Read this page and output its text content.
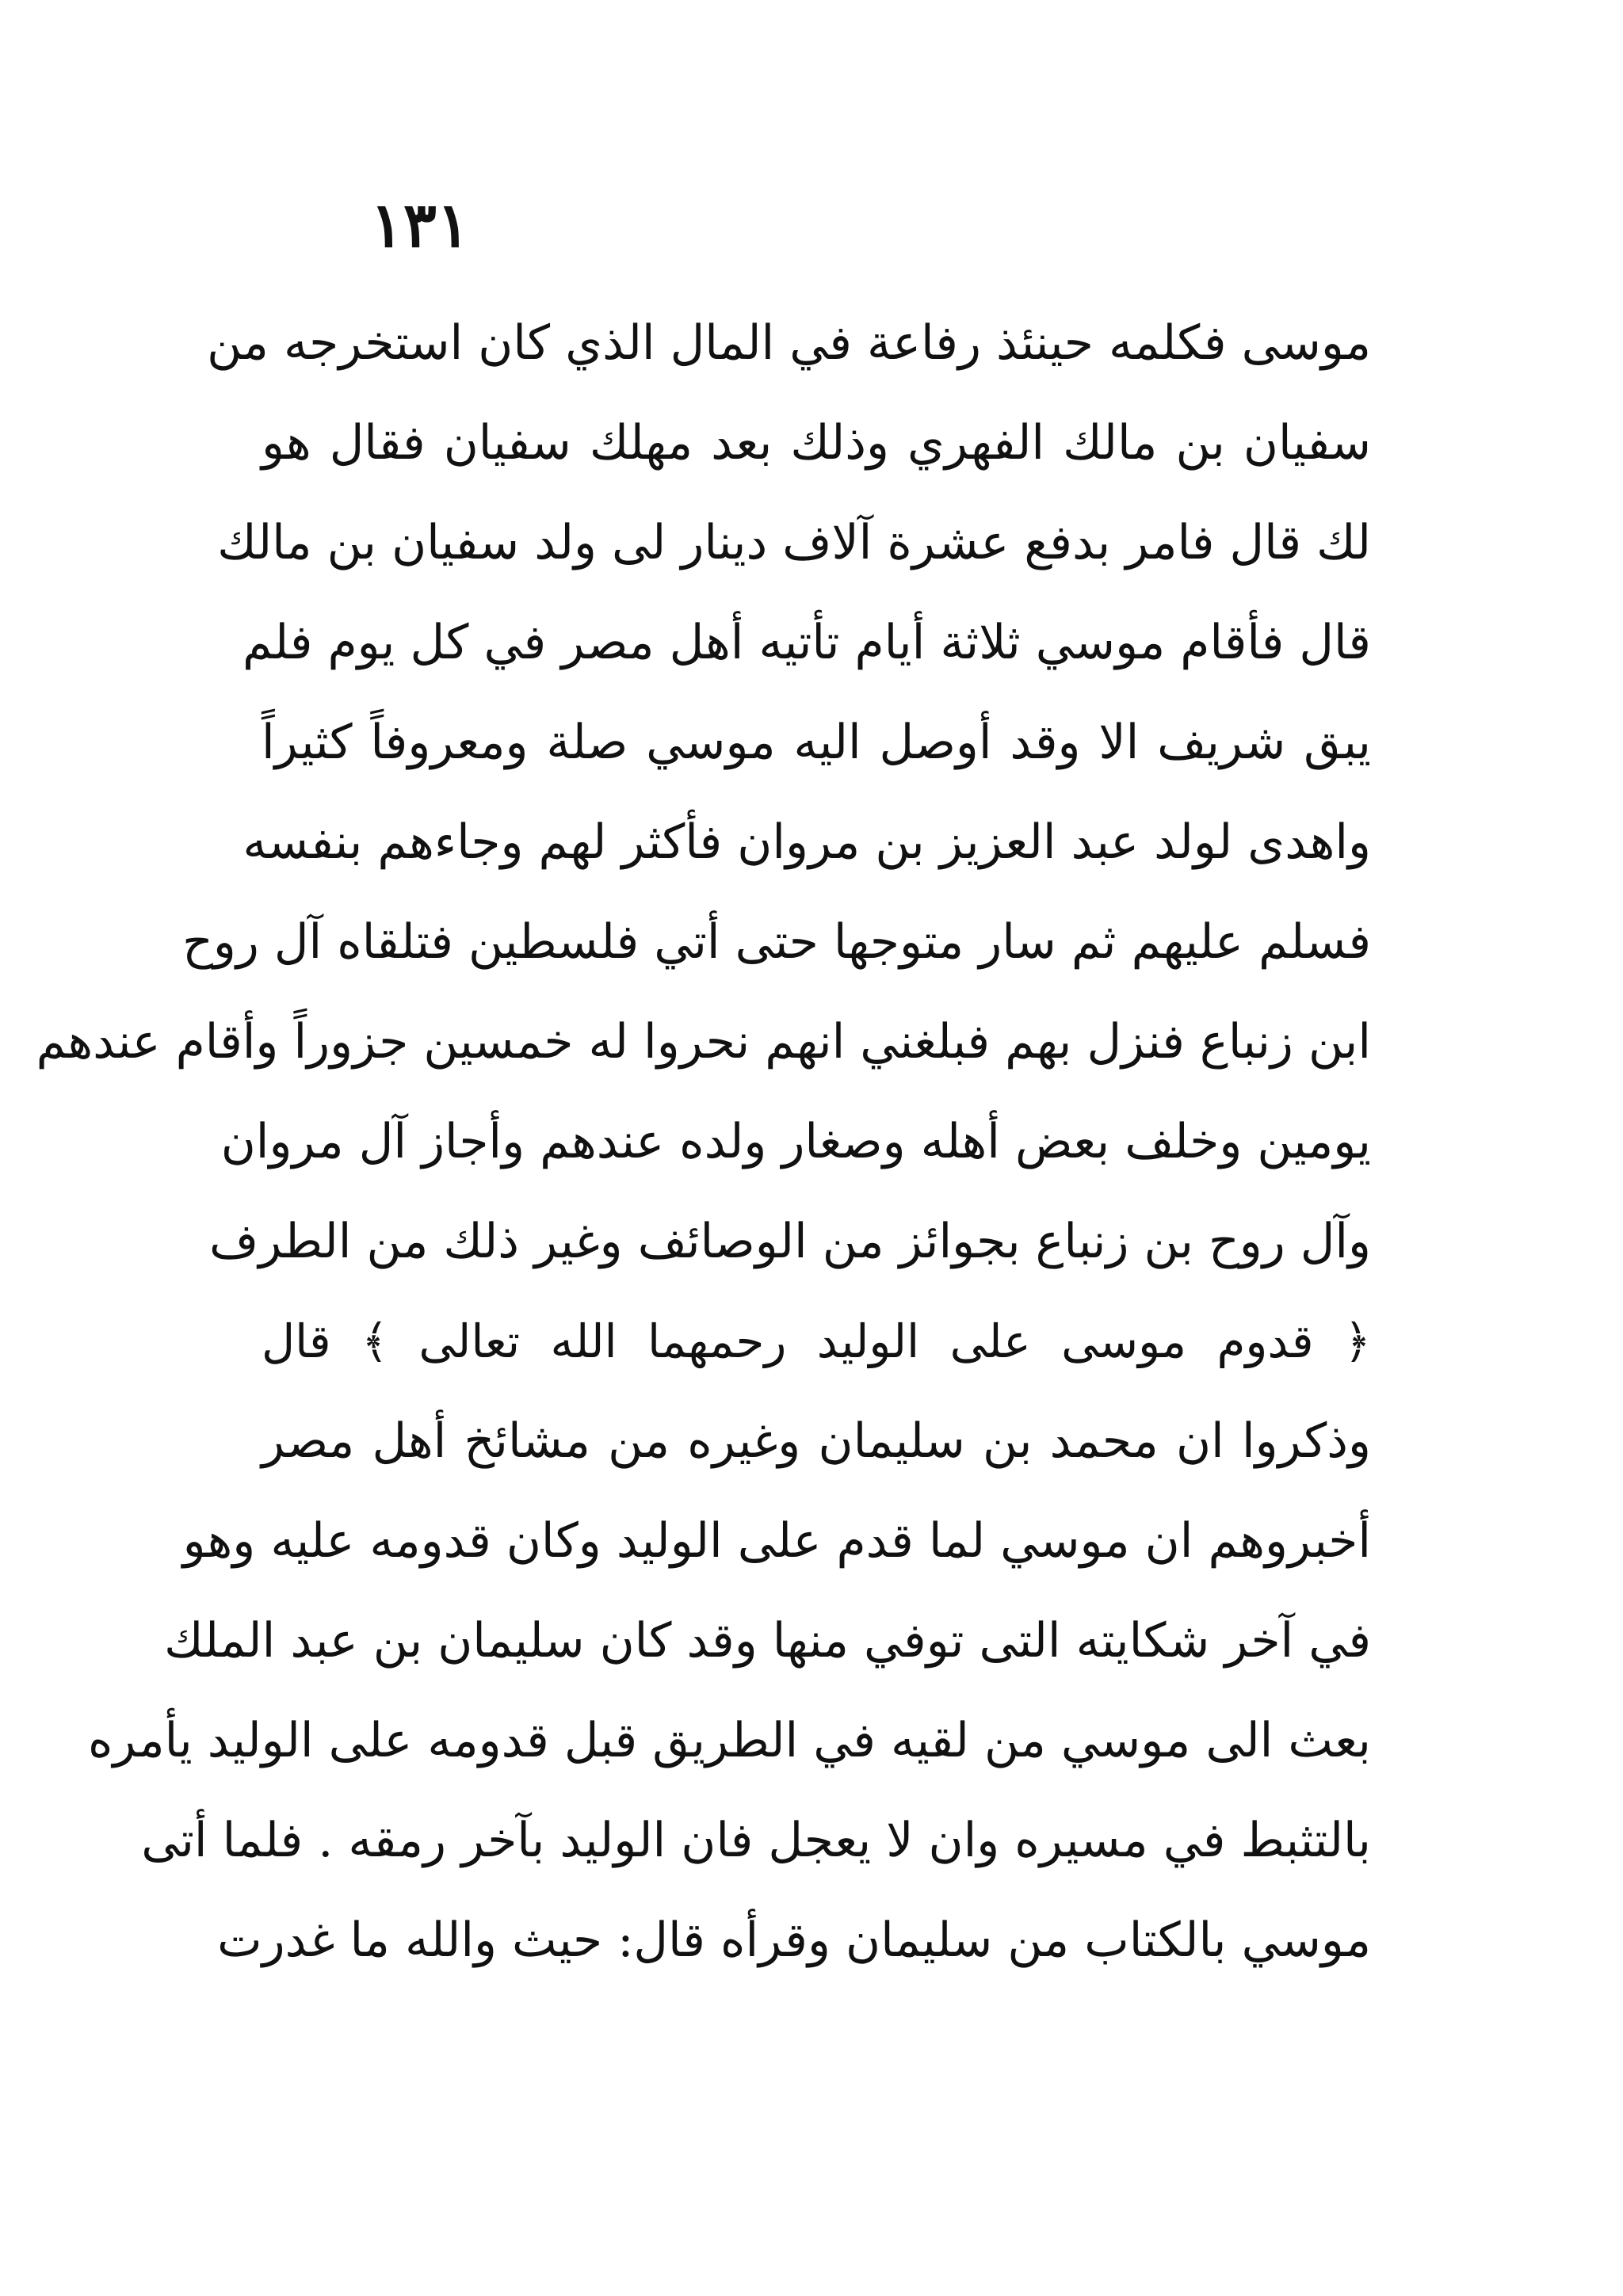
١٣١
موسى فكلمه حينئذ رفاعة في المال الذي كان استخرجه من
سفيان بن مالك الفهري وذلك بعد مهلك سفيان فقال هو
لك قال فامر بدفع عشرة آلاف دينار لى ولد سفيان بن مالك
قال فأقام موسي ثلاثة أيام تأتيه أهل مصر في كل يوم فلم
يبق شريف الا وقد أوصل اليه موسي صلة ومعروفاً كثيراً
واهدى لولد عبد العزيز بن مروان فأكثر لهم وجاءهم بنفسه
فسلم عليهم ثم سار متوجها حتى أتي فلسطين فتلقاه آل روح
ابن زنباع فنزل بهم فبلغني انهم نحروا له خمسين جزوراً وأقام عندهم
يومين وخلف بعض أهله وصغار ولده عندهم وأجاز آل مروان
وآل روح بن زنباع بجوائز من الوصائف وغير ذلك من الطرف
﴿ قدوم موسى على الوليد رحمهما الله تعالى ﴾ قال
وذكروا ان محمد بن سليمان وغيره من مشائخ أهل مصر
أخبروهم ان موسي لما قدم على الوليد وكان قدومه عليه وهو
في آخر شكايته التى توفي منها وقد كان سليمان بن عبد الملك
بعث الى موسي من لقيه في الطريق قبل قدومه على الوليد يأمره
بالتثبط في مسيره وان لا يعجل فان الوليد بآخر رمقه . فلما أتى
موسي بالكتاب من سليمان وقرأه قال: حيث والله ما غدرت
